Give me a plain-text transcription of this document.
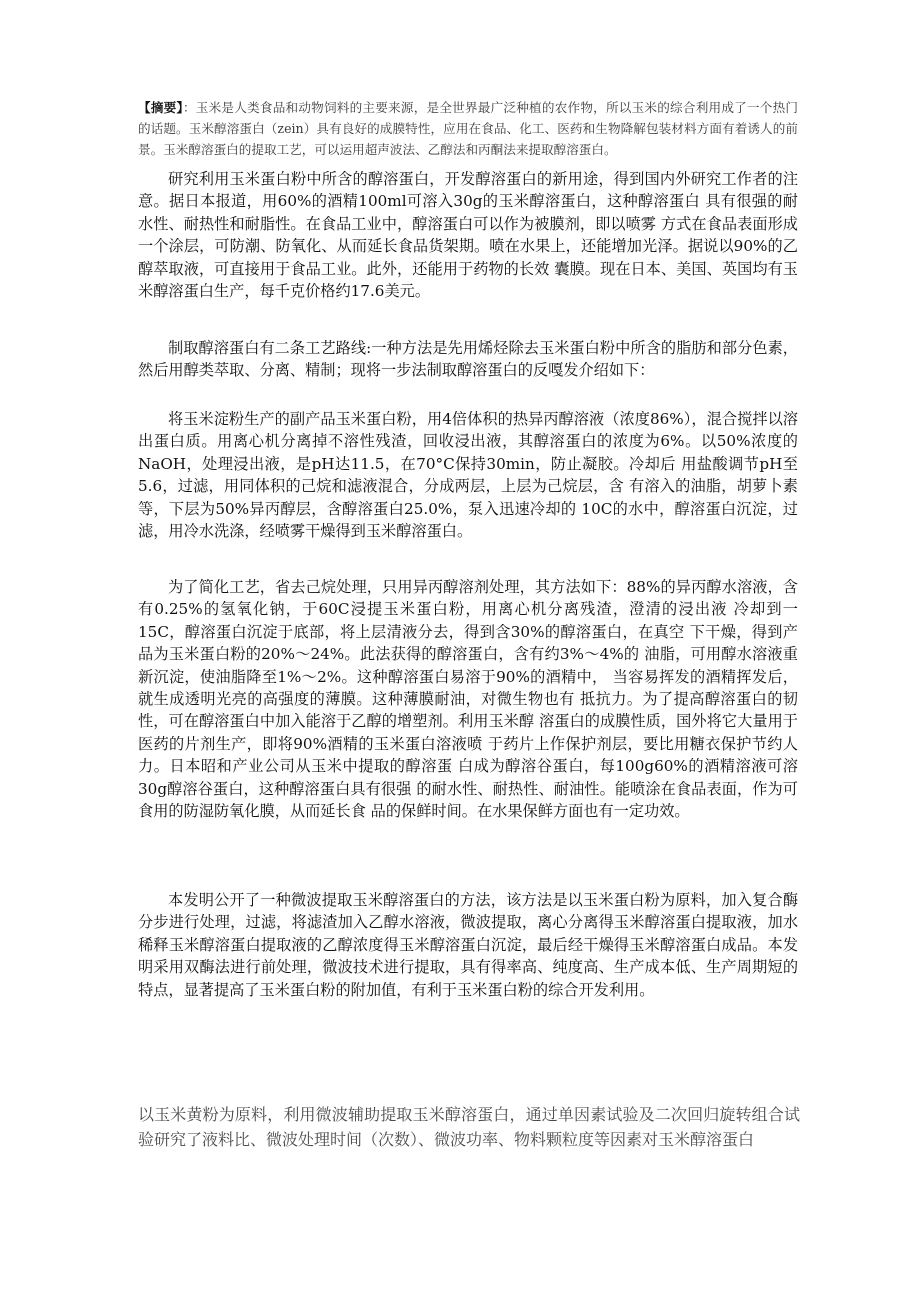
【摘要】：玉米是人类食品和动物饲料的主要来源，是全世界最广泛种植的农作物，所以玉米的综合利用成了一个热门的话题。玉米醇溶蛋白（zein）具有良好的成膜特性，应用在食品、化工、医药和生物降解包装材料方面有着诱人的前景。玉米醇溶蛋白的提取工艺，可以运用超声波法、乙醇法和丙酮法来提取醇溶蛋白。

研究利用玉米蛋白粉中所含的醇溶蛋白，开发醇溶蛋白的新用途，得到国内外研究工作者的注意。据日本报道，用60%的酒精100ml可溶入30g的玉米醇溶蛋白，这种醇溶蛋白 具有很强的耐水性、耐热性和耐脂性。在食品工业中，醇溶蛋白可以作为被膜剂，即以喷雾 方式在食品表面形成一个涂层，可防潮、防氧化、从而延长食品货架期。喷在水果上，还能增加光泽。据说以90%的乙醇萃取液，可直接用于食品工业。此外，还能用于药物的长效 囊膜。现在日本、美国、英国均有玉米醇溶蛋白生产，每千克价格约17.6美元。

制取醇溶蛋白有二条工艺路线:一种方法是先用烯烃除去玉米蛋白粉中所含的脂肪和部分色素，然后用醇类萃取、分离、精制；现将一步法制取醇溶蛋白的反嘎发介绍如下：

将玉米淀粉生产的副产品玉米蛋白粉，用4倍体积的热异丙醇溶液（浓度86%），混合搅拌以溶出蛋白质。用离心机分离掉不溶性残渣，回收浸出液，其醇溶蛋白的浓度为6%。以50%浓度的NaOH，处理浸出液，是pH达11.5，在70°C保持30min，防止凝胶。冷却后 用盐酸调节pH至5.6，过滤，用同体积的己烷和滤液混合，分成两层，上层为己烷层，含 有溶入的油脂，胡萝卜素等，下层为50%异丙醇层，含醇溶蛋白25.0%，泵入迅速冷却的 10C的水中，醇溶蛋白沉淀，过滤，用冷水洗涤，经喷雾干燥得到玉米醇溶蛋白。

为了简化工艺，省去己烷处理，只用异丙醇溶剂处理，其方法如下：88%的异丙醇水溶液，含有0.25%的氢氧化钠，于60C浸提玉米蛋白粉，用离心机分离残渣，澄清的浸出液 冷却到一15C，醇溶蛋白沉淀于底部，将上层清液分去，得到含30%的醇溶蛋白，在真空 下干燥，得到产品为玉米蛋白粉的20%〜24%。此法获得的醇溶蛋白，含有约3%〜4%的 油脂，可用醇水溶液重新沉淀，使油脂降至1%〜2%。这种醇溶蛋白易溶于90%的酒精中， 当容易挥发的酒精挥发后，就生成透明光亮的高强度的薄膜。这种薄膜耐油，对微生物也有 抵抗力。为了提高醇溶蛋白的韧性，可在醇溶蛋白中加入能溶于乙醇的增塑剂。利用玉米醇 溶蛋白的成膜性质，国外将它大量用于医药的片剂生产，即将90%酒精的玉米蛋白溶液喷 于药片上作保护剂层，要比用糖衣保护节约人力。日本昭和产业公司从玉米中提取的醇溶蛋 白成为醇溶谷蛋白，每100g60%的酒精溶液可溶30g醇溶谷蛋白，这种醇溶蛋白具有很强 的耐水性、耐热性、耐油性。能喷涂在食品表面，作为可食用的防湿防氧化膜，从而延长食 品的保鲜时间。在水果保鲜方面也有一定功效。

本发明公开了一种微波提取玉米醇溶蛋白的方法，该方法是以玉米蛋白粉为原料，加入复合酶分步进行处理，过滤，将滤渣加入乙醇水溶液，微波提取，离心分离得玉米醇溶蛋白提取液，加水稀释玉米醇溶蛋白提取液的乙醇浓度得玉米醇溶蛋白沉淀，最后经干燥得玉米醇溶蛋白成品。本发明采用双酶法进行前处理，微波技术进行提取，具有得率高、纯度高、生产成本低、生产周期短的特点，显著提高了玉米蛋白粉的附加值，有利于玉米蛋白粉的综合开发利用。

以玉米黄粉为原料，利用微波辅助提取玉米醇溶蛋白，通过单因素试验及二次回归旋转组合试验研究了液料比、微波处理时间（次数）、微波功率、物料颗粒度等因素对玉米醇溶蛋白
